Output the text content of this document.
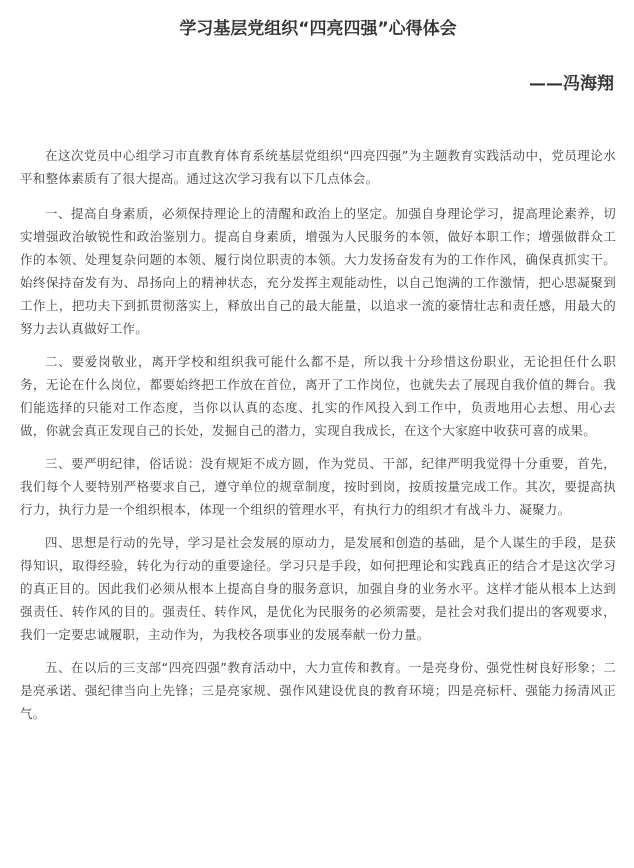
学习基层党组织“四亮四强”心得体会

——冯海翔

在这次党员中心组学习市直教育体育系统基层党组织“四亮四强”为主题教育实践活动中，党员理论水平和整体素质有了很大提高。通过这次学习我有以下几点体会。

一、提高自身素质，必须保持理论上的清醒和政治上的坚定。加强自身理论学习，提高理论素养，切实增强政治敏锐性和政治鉴别力。提高自身素质，增强为人民服务的本领，做好本职工作；增强做群众工作的本领、处理复杂问题的本领、履行岗位职责的本领。大力发扬奋发有为的工作作风，确保真抓实干。始终保持奋发有为、昂扬向上的精神状态，充分发挥主观能动性，以自己饱满的工作激情，把心思凝聚到工作上，把功夫下到抓贯彻落实上，释放出自己的最大能量，以追求一流的豪情壮志和责任感，用最大的努力去认真做好工作。

二、要爱岗敬业，离开学校和组织我可能什么都不是，所以我十分珍惜这份职业，无论担任什么职务，无论在什么岗位，都要始终把工作放在首位，离开了工作岗位，也就失去了展现自我价值的舞台。我们能选择的只能对工作态度，当你以认真的态度、扎实的作风投入到工作中，负责地用心去想、用心去做，你就会真正发现自己的长处，发掘自己的潜力，实现自我成长，在这个大家庭中收获可喜的成果。

三、要严明纪律，俗话说：没有规矩不成方圆，作为党员、干部，纪律严明我觉得十分重要，首先，我们每个人要特别严格要求自己，遵守单位的规章制度，按时到岗，按质按量完成工作。其次，要提高执行力，执行力是一个组织根本，体现一个组织的管理水平，有执行力的组织才有战斗力、凝聚力。

四、思想是行动的先导，学习是社会发展的原动力，是发展和创造的基础，是个人谋生的手段，是获得知识，取得经验，转化为行动的重要途径。学习只是手段，如何把理论和实践真正的结合才是这次学习的真正目的。因此我们必须从根本上提高自身的服务意识，加强自身的业务水平。这样才能从根本上达到强责任、转作风的目的。强责任、转作风，是优化为民服务的必须需要，是社会对我们提出的客观要求，我们一定要忠诚履职，主动作为，为我校各项事业的发展奉献一份力量。

五、在以后的三支部“四亮四强”教育活动中，大力宣传和教育。一是亮身份、强党性树良好形象；二是亮承诺、强纪律当向上先锋；三是亮家规、强作风建设优良的教育环境；四是亮标杆、强能力扬清风正气。
